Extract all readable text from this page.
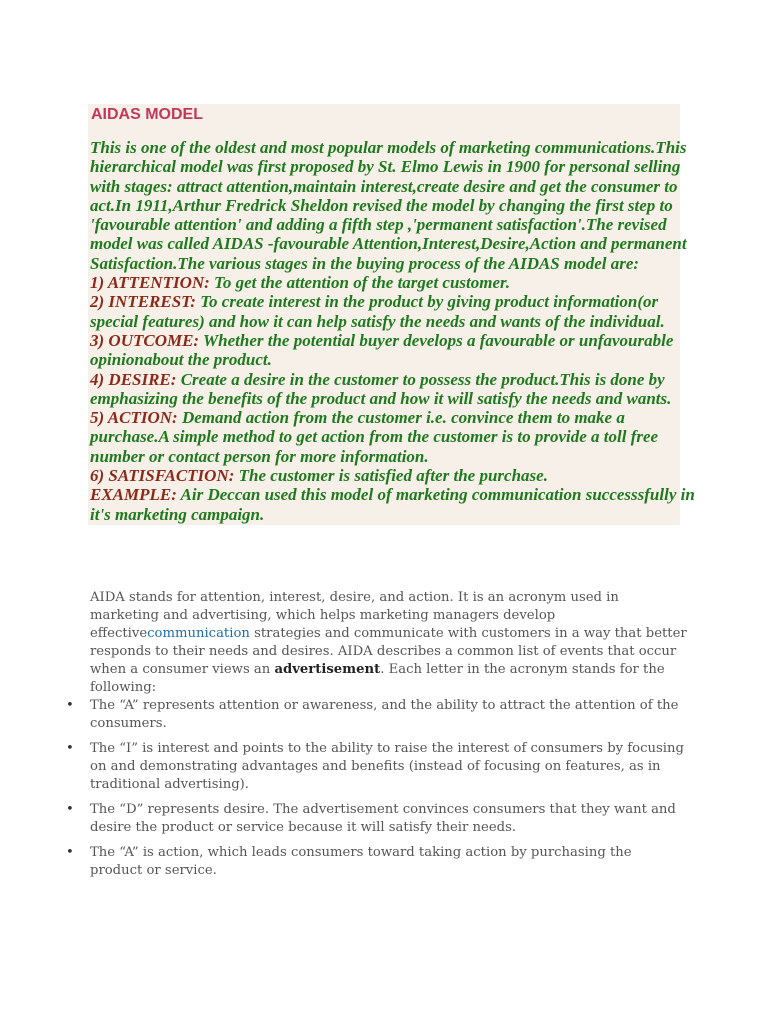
AIDAS MODEL
This is one of the oldest and most popular models of marketing communications.This
hierarchical model was first proposed by St. Elmo Lewis in 1900 for personal selling
with stages: attract attention,maintain interest,create desire and get the consumer to
act.In 1911,Arthur Fredrick Sheldon revised the model by changing the first step to
'favourable attention' and adding a fifth step ,'permanent satisfaction'.The revised
model was called AIDAS -favourable Attention,Interest,Desire,Action and permanent
Satisfaction.The various stages in the buying process of the AIDAS model are:
1) ATTENTION: To get the attention of the target customer.
2) INTEREST: To create interest in the product by giving product information(or
special features) and how it can help satisfy the needs and wants of the individual.
3) OUTCOME: Whether the potential buyer develops a favourable or unfavourable
opinionabout the product.
4) DESIRE: Create a desire in the customer to possess the product.This is done by
emphasizing the benefits of the product and how it will satisfy the needs and wants.
5) ACTION: Demand action from the customer i.e. convince them to make a
purchase.A simple method to get action from the customer is to provide a toll free
number or contact person for more information.
6) SATISFACTION: The customer is satisfied after the purchase.
EXAMPLE: Air Deccan used this model of marketing communication successsfully in
it's marketing campaign.

AIDA stands for attention, interest, desire, and action. It is an acronym used in
marketing and advertising, which helps marketing managers develop
effectivecommunication strategies and communicate with customers in a way that better
responds to their needs and desires. AIDA describes a common list of events that occur
when a consumer views an advertisement. Each letter in the acronym stands for the
following:

• The “A” represents attention or awareness, and the ability to attract the attention of the
consumers.
• The “I” is interest and points to the ability to raise the interest of consumers by focusing
on and demonstrating advantages and benefits (instead of focusing on features, as in
traditional advertising).
• The “D” represents desire. The advertisement convinces consumers that they want and
desire the product or service because it will satisfy their needs.
• The “A” is action, which leads consumers toward taking action by purchasing the
product or service.
